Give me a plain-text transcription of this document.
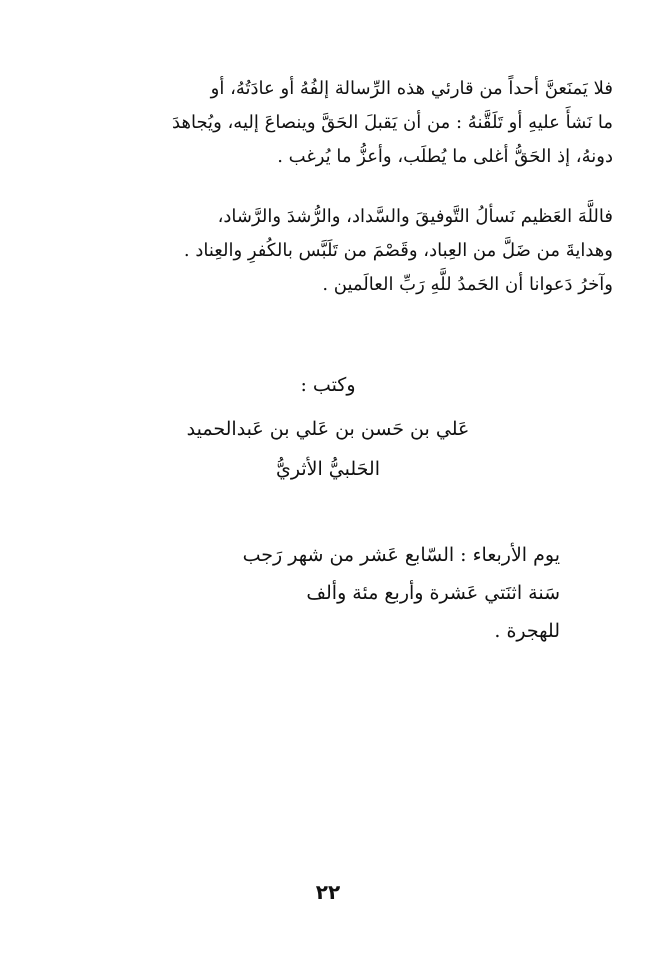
فلا يَمنَعنَّ أحداً من قارئي هذه الرِّسالة إلفُهُ أو عادَتُهُ، أو
ما نَشأَ عليهِ أو تَلَقَّنهُ : من أن يَقبلَ الحَقَّ وينصاعَ إليه، ويُجاهدَ
دونهُ، إذ الحَقُّ أغلى ما يُطلَب، وأعزُّ ما يُرغب .
فاللَّهَ العَظيم نَسألُ التَّوفيقَ والسَّداد، والرُّشدَ والرَّشاد،
وهدايةَ من ضَلَّ من العِباد، وقَصْمَ من تَلَبَّس بالكُفرِ والعِناد .
وآخرُ دَعوانا أن الحَمدُ للَّهِ رَبِّ العالَمين .
وكتب :
عَلي بن حَسن بن عَلي بن عَبدالحميد
الحَلبيُّ الأثريُّ
يوم الأربعاء : السّابع عَشر من شهر رَجب
سَنة اثنَتي عَشرة وأربع مئة وألف
للهجرة .
٢٢
